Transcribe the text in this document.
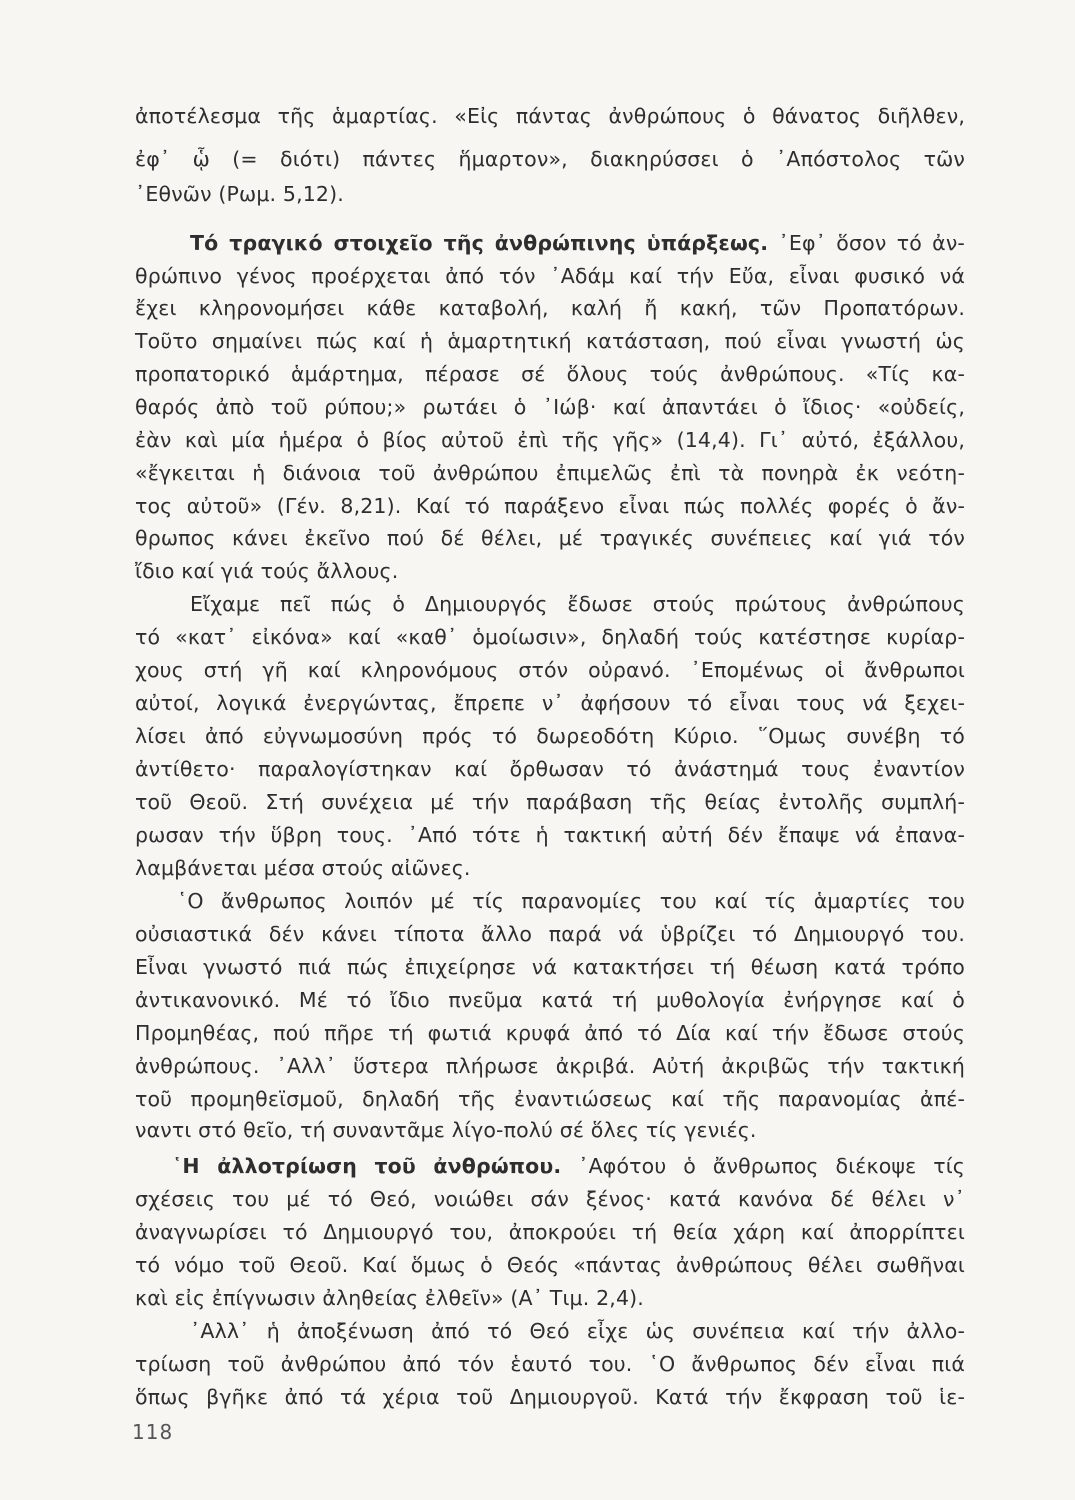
ἀποτέλεσμα τῆς ἁμαρτίας. «Εἰς πάντας ἀνθρώπους ὁ θάνατος διῆλθεν,
ἐφ᾽ ᾧ (= διότι) πάντες ἥμαρτον», διακηρύσσει ὁ ᾽Απόστολος τῶν
᾽Εθνῶν (Ρωμ. 5,12).
Τό τραγικό στοιχεῖο τῆς ἀνθρώπινης ὑπάρξεως. ᾽Εφ᾽ ὅσον τό ἀν-
θρώπινο γένος προέρχεται ἀπό τόν ᾽Αδάμ καί τήν Εὔα, εἶναι φυσικό νά
ἔχει κληρονομήσει κάθε καταβολή, καλή ἤ κακή, τῶν Προπατόρων.
Τοῦτο σημαίνει πώς καί ἡ ἁμαρτητική κατάσταση, πού εἶναι γνωστή ὡς
προπατορικό ἁμάρτημα, πέρασε σέ ὅλους τούς ἀνθρώπους. «Τίς κα-
θαρός ἀπὸ τοῦ ρύπου;» ρωτάει ὁ ᾽Ιώβ· καί ἀπαντάει ὁ ἴδιος· «οὐδείς,
ἐὰν καὶ μία ἡμέρα ὁ βίος αὐτοῦ ἐπὶ τῆς γῆς» (14,4). Γι᾽ αὐτό, ἐξάλλου,
«ἔγκειται ἡ διάνοια τοῦ ἀνθρώπου ἐπιμελῶς ἐπὶ τὰ πονηρὰ ἐκ νεότη-
τος αὐτοῦ» (Γέν. 8,21). Καί τό παράξενο εἶναι πώς πολλές φορές ὁ ἄν-
θρωπος κάνει ἐκεῖνο πού δέ θέλει, μέ τραγικές συνέπειες καί γιά τόν
ἴδιο καί γιά τούς ἄλλους.
Εἴχαμε πεῖ πώς ὁ Δημιουργός ἔδωσε στούς πρώτους ἀνθρώπους
τό «κατ᾽ εἰκόνα» καί «καθ᾽ ὁμοίωσιν», δηλαδή τούς κατέστησε κυρίαρ-
χους στή γῆ καί κληρονόμους στόν οὐρανό. ᾽Επομένως οἱ ἄνθρωποι
αὐτοί, λογικά ἐνεργώντας, ἔπρεπε ν᾽ ἀφήσουν τό εἶναι τους νά ξεχει-
λίσει ἀπό εὐγνωμοσύνη πρός τό δωρεοδότη Κύριο. ῞Ομως συνέβη τό
ἀντίθετο· παραλογίστηκαν καί ὄρθωσαν τό ἀνάστημά τους ἐναντίον
τοῦ Θεοῦ. Στή συνέχεια μέ τήν παράβαση τῆς θείας ἐντολῆς συμπλή-
ρωσαν τήν ὕβρη τους. ᾽Από τότε ἡ τακτική αὐτή δέν ἔπαψε νά ἐπανα-
λαμβάνεται μέσα στούς αἰῶνες.
῾Ο ἄνθρωπος λοιπόν μέ τίς παρανομίες του καί τίς ἁμαρτίες του
οὐσιαστικά δέν κάνει τίποτα ἄλλο παρά νά ὑβρίζει τό Δημιουργό του.
Εἶναι γνωστό πιά πώς ἐπιχείρησε νά κατακτήσει τή θέωση κατά τρόπο
ἀντικανονικό. Μέ τό ἴδιο πνεῦμα κατά τή μυθολογία ἐνήργησε καί ὁ
Προμηθέας, πού πῆρε τή φωτιά κρυφά ἀπό τό Δία καί τήν ἔδωσε στούς
ἀνθρώπους. ᾽Αλλ᾽ ὕστερα πλήρωσε ἀκριβά. Αὐτή ἀκριβῶς τήν τακτική
τοῦ προμηθεϊσμοῦ, δηλαδή τῆς ἐναντιώσεως καί τῆς παρανομίας ἀπέ-
ναντι στό θεῖο, τή συναντᾶμε λίγο-πολύ σέ ὅλες τίς γενιές.
῾Η ἀλλοτρίωση τοῦ ἀνθρώπου. ᾽Αφότου ὁ ἄνθρωπος διέκοψε τίς
σχέσεις του μέ τό Θεό, νοιώθει σάν ξένος· κατά κανόνα δέ θέλει ν᾽
ἀναγνωρίσει τό Δημιουργό του, ἀποκρούει τή θεία χάρη καί ἀπορρίπτει
τό νόμο τοῦ Θεοῦ. Καί ὅμως ὁ Θεός «πάντας ἀνθρώπους θέλει σωθῆναι
καὶ εἰς ἐπίγνωσιν ἀληθείας ἐλθεῖν» (Α᾽ Τιμ. 2,4).
᾽Αλλ᾽ ἡ ἀποξένωση ἀπό τό Θεό εἶχε ὡς συνέπεια καί τήν ἀλλο-
τρίωση τοῦ ἀνθρώπου ἀπό τόν ἑαυτό του. ῾Ο ἄνθρωπος δέν εἶναι πιά
ὅπως βγῆκε ἀπό τά χέρια τοῦ Δημιουργοῦ. Κατά τήν ἔκφραση τοῦ ἱε-
118
